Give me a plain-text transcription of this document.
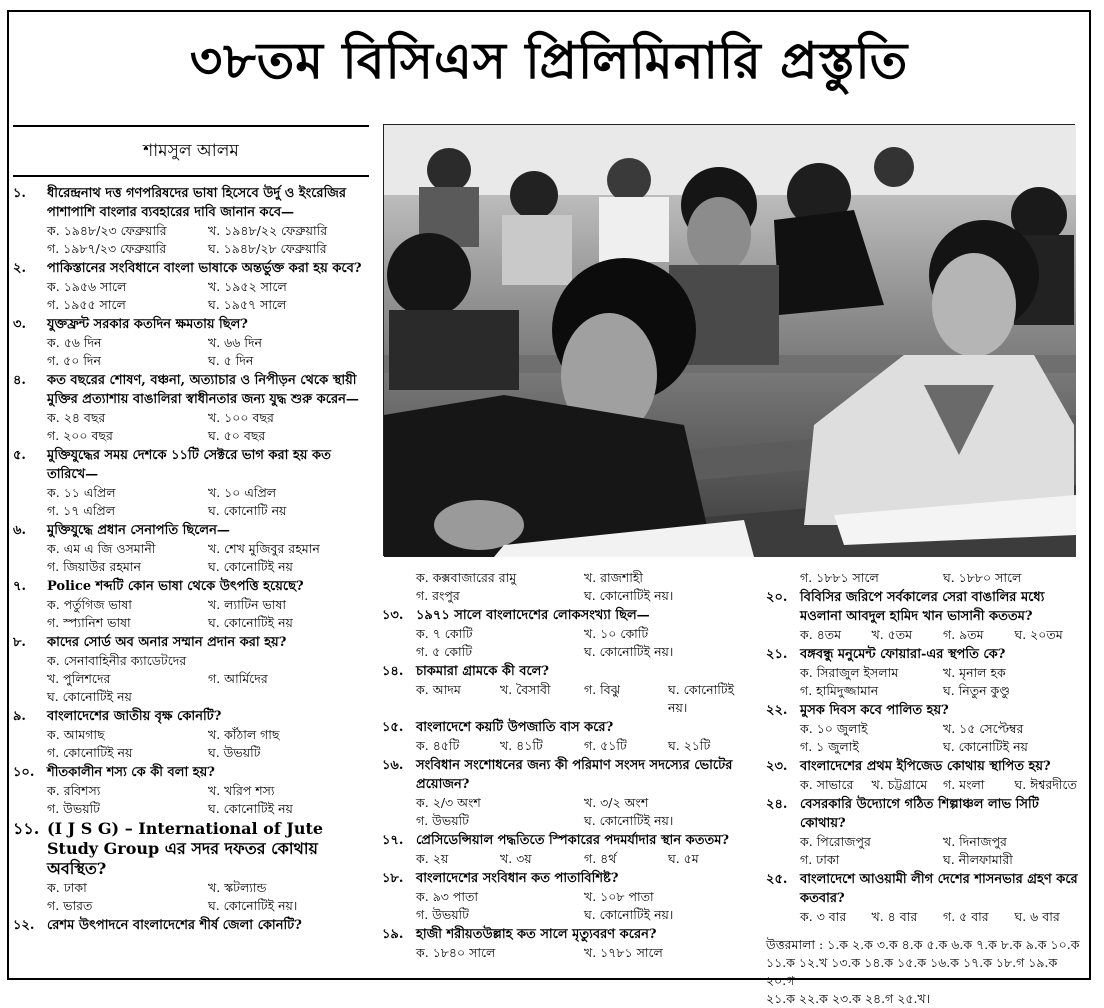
৩৮তম বিসিএস প্রিলিমিনারি প্রস্তুতি
শামসুল আলম
১.	ধীরেন্দ্রনাথ দত্ত গণপরিষদের ভাষা হিসেবে উর্দু ও ইংরেজির পাশাপাশি বাংলার ব্যবহারের দাবি জানান কবে—
ক. ১৯৪৮/২৩ ফেব্রুয়ারি	খ. ১৯৪৮/২২ ফেব্রুয়ারি
গ. ১৯৮৭/২৩ ফেব্রুয়ারি	ঘ. ১৯৪৮/২৮ ফেব্রুয়ারি
২.	পাকিস্তানের সংবিধানে বাংলা ভাষাকে অন্তর্ভুক্ত করা হয় কবে?
ক. ১৯৫৬ সালে	খ. ১৯৫২ সালে
গ. ১৯৫৫ সালে	ঘ. ১৯৫৭ সালে
৩.	যুক্তফ্রন্ট সরকার কতদিন ক্ষমতায় ছিল?
ক. ৫৬ দিন	খ. ৬৬ দিন
গ. ৫০ দিন	ঘ. ৫ দিন
৪.	কত বছরের শোষণ, বঞ্চনা, অত্যাচার ও নিপীড়ন থেকে স্থায়ী মুক্তির প্রত্যাশায় বাঙালিরা স্বাধীনতার জন্য যুদ্ধ শুরু করেন—
ক. ২৪ বছর	খ. ১০০ বছর
গ. ২০০ বছর	ঘ. ৫০ বছর
৫.	মুক্তিযুদ্ধের সময় দেশকে ১১টি সেক্টরে ভাগ করা হয় কত তারিখে—
ক. ১১ এপ্রিল	খ. ১০ এপ্রিল
গ. ১৭ এপ্রিল	ঘ. কোনোটি নয়
৬.	মুক্তিযুদ্ধে প্রধান সেনাপতি ছিলেন—
ক. এম এ জি ওসমানী	খ. শেখ মুজিবুর রহমান
গ. জিয়াউর রহমান	ঘ. কোনোটিই নয়
৭.	Police শব্দটি কোন ভাষা থেকে উৎপত্তি হয়েছে?
ক. পর্তুগিজ ভাষা	খ. ল্যাটিন ভাষা
গ. স্প্যানিশ ভাষা	ঘ. কোনোটিই নয়
৮.	কাদের সোর্ড অব অনার সম্মান প্রদান করা হয়?
ক. সেনাবাহিনীর ক্যাডেটদের
খ. পুলিশদের	গ. আর্মিদের
ঘ. কোনোটিই নয়
৯.	বাংলাদেশের জাতীয় বৃক্ষ কোনটি?
ক. আমগাছ	খ. কাঁঠাল গাছ
গ. কোনোটিই নয়	ঘ. উভয়টি
১০. শীতকালীন শস্য কে কী বলা হয়?
ক. রবিশস্য	খ. খরিপ শস্য
গ. উভয়টি	ঘ. কোনোটিই নয়
১১. (I J S G) – International of Jute Study Group এর সদর দফতর কোথায় অবস্থিত?
ক. ঢাকা	খ. স্কটল্যান্ড
গ. ভারত	ঘ. কোনোটিই নয়।
১২. রেশম উৎপাদনে বাংলাদেশের শীর্ষ জেলা কোনটি?
ক. কক্সবাজারের রামু	খ. রাজশাহী
গ. রংপুর	ঘ. কোনোটিই নয়।
১৩. ১৯৭১ সালে বাংলাদেশের লোকসংখ্যা ছিল—
ক. ৭ কোটি	খ. ১০ কোটি
গ. ৫ কোটি	ঘ. কোনোটিই নয়।
১৪. চাকমারা গ্রামকে কী বলে?
ক. আদম	খ. বৈসাবী	গ. বিঝু	ঘ. কোনোটিই নয়।
১৫. বাংলাদেশে কয়টি উপজাতি বাস করে?
ক. ৪৫টি	খ. ৪১টি	গ. ৫১টি	ঘ. ২১টি
১৬. সংবিধান সংশোধনের জন্য কী পরিমাণ সংসদ সদস্যের ভোটের প্রয়োজন?
ক. ২/৩ অংশ	খ. ৩/২ অংশ
গ. উভয়টি	ঘ. কোনোটিই নয়।
১৭. প্রেসিডেন্সিয়াল পদ্ধতিতে স্পিকারের পদমর্যাদার স্থান কততম?
ক. ২য়	খ. ৩য়	গ. ৪র্থ	ঘ. ৫ম
১৮. বাংলাদেশের সংবিধান কত পাতাবিশিষ্ট?
ক. ৯৩ পাতা	খ. ১০৮ পাতা
গ. উভয়টি	ঘ. কোনোটিই নয়।
১৯. হাজী শরীয়তউল্লাহ কত সালে মৃত্যুবরণ করেন?
ক. ১৮৪০ সালে	খ. ১৭৮১ সালে
গ. ১৮৮১ সালে	ঘ. ১৮৮০ সালে
২০. বিবিসির জরিপে সর্বকালের সেরা বাঙালির মধ্যে মওলানা আবদুল হামিদ খান ভাসানী কততম?
ক. ৪তম	খ. ৫তম	গ. ৯তম	ঘ. ২০তম
২১. বঙ্গবন্ধু মনুমেন্ট ফোয়ারা-এর স্থপতি কে?
ক. সিরাজুল ইসলাম	খ. মৃনাল হক
গ. হামিদুজ্জামান	ঘ. নিতুন কুণ্ডু
২২. মুসক দিবস কবে পালিত হয়?
ক. ১০ জুলাই	খ. ১৫ সেপ্টেম্বর
গ. ১ জুলাই	ঘ. কোনোটিই নয়
২৩. বাংলাদেশের প্রথম ইপিজেড কোথায় স্থাপিত হয়?
ক. সাভারে	খ. চট্টগ্রামে	গ. মংলা	ঘ. ঈশ্বরদীতে
২৪. বেসরকারি উদ্যোগে গঠিত শিল্পাঞ্চল লাভ সিটি কোথায়?
ক. পিরোজপুর	খ. দিনাজপুর
গ. ঢাকা	ঘ. নীলফামারী
২৫. বাংলাদেশে আওয়ামী লীগ দেশের শাসনভার গ্রহণ করে কতবার?
ক. ৩ বার	খ. ৪ বার	গ. ৫ বার	ঘ. ৬ বার
উত্তরমালা : ১.ক ২.ক ৩.ক ৪.ক ৫.ক ৬.ক ৭.ক ৮.ক ৯.ক ১০.ক
১১.ক ১২.খ ১৩.ক ১৪.ক ১৫.ক ১৬.ক ১৭.ক ১৮.গ ১৯.ক ২০.গ
২১.ক ২২.ক ২৩.ক ২৪.গ ২৫.খ।
